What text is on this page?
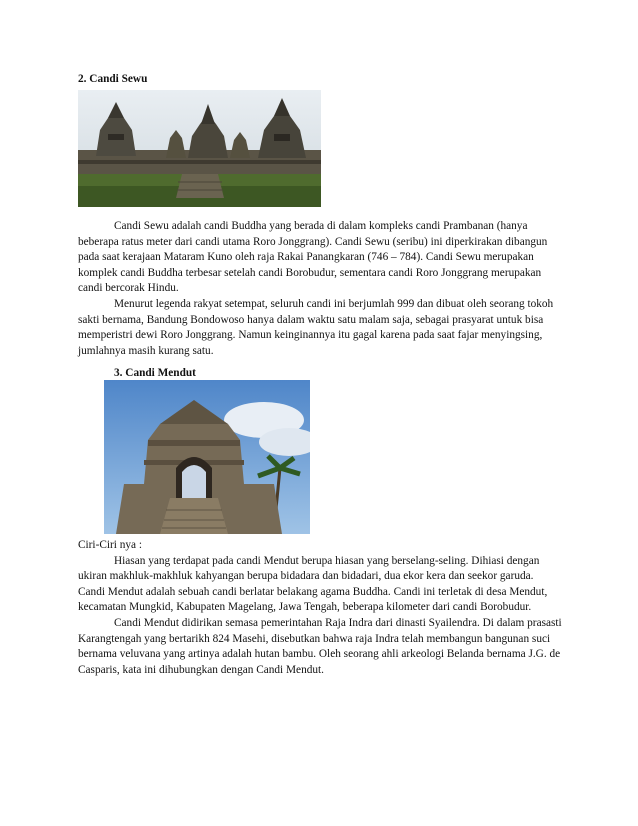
2. Candi Sewu

Candi Sewu adalah candi Buddha yang berada di dalam kompleks candi Prambanan (hanya beberapa ratus meter dari candi utama Roro Jonggrang). Candi Sewu (seribu) ini diperkirakan dibangun pada saat kerajaan Mataram Kuno oleh raja Rakai Panangkaran (746 – 784). Candi Sewu merupakan komplek candi Buddha terbesar setelah candi Borobudur, sementara candi Roro Jonggrang merupakan candi bercorak Hindu.

Menurut legenda rakyat setempat, seluruh candi ini berjumlah 999 dan dibuat oleh seorang tokoh sakti bernama, Bandung Bondowoso hanya dalam waktu satu malam saja, sebagai prasyarat untuk bisa memperistri dewi Roro Jonggrang. Namun keinginannya itu gagal karena pada saat fajar menyingsing, jumlahnya masih kurang satu.

3. Candi Mendut

Ciri-Ciri nya :

Hiasan yang terdapat pada candi Mendut berupa hiasan yang berselang-seling. Dihiasi dengan ukiran makhluk-makhluk kahyangan berupa bidadara dan bidadari, dua ekor kera dan seekor garuda. Candi Mendut adalah sebuah candi berlatar belakang agama Buddha. Candi ini terletak di desa Mendut, kecamatan Mungkid, Kabupaten Magelang, Jawa Tengah, beberapa kilometer dari candi Borobudur.

Candi Mendut didirikan semasa pemerintahan Raja Indra dari dinasti Syailendra. Di dalam prasasti Karangtengah yang bertarikh 824 Masehi, disebutkan bahwa raja Indra telah membangun bangunan suci bernama veluvana yang artinya adalah hutan bambu. Oleh seorang ahli arkeologi Belanda bernama J.G. de Casparis, kata ini dihubungkan dengan Candi Mendut.
